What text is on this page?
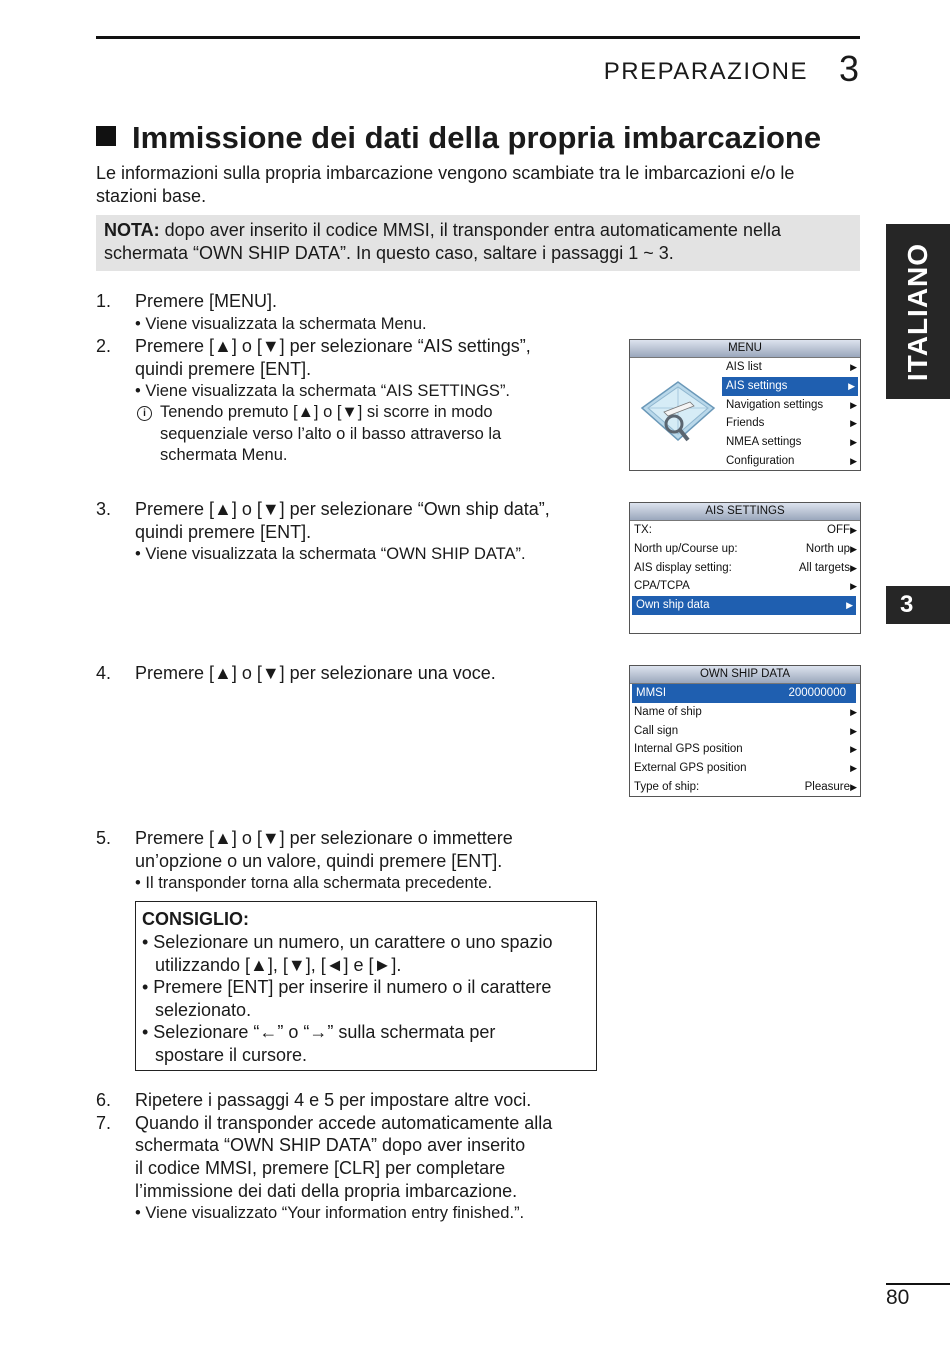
PREPARAZIONE 3
ITALIANO
3
Immissione dei dati della propria imbarcazione
Le informazioni sulla propria imbarcazione vengono scambiate tra le imbarcazioni e/o le
stazioni base.
NOTA: dopo aver inserito il codice MMSI, il transponder entra automaticamente nella
schermata “OWN SHIP DATA”. In questo caso, saltare i passaggi 1 ~ 3.
1. Premere [MENU].
• Viene visualizzata la schermata Menu.
2. Premere [▲] o [▼] per selezionare “AIS settings”,
quindi premere [ENT].
• Viene visualizzata la schermata “AIS SETTINGS”.
i Tenendo premuto [▲] o [▼] si scorre in modo
sequenziale verso l’alto o il basso attraverso la
schermata Menu.
MENU
AIS list	▶
AIS settings	▶
Navigation settings	▶
Friends	▶
NMEA settings	▶
Configuration	▶
3. Premere [▲] o [▼] per selezionare “Own ship data”,
quindi premere [ENT].
• Viene visualizzata la schermata “OWN SHIP DATA”.
AIS SETTINGS
TX:	OFF ▶
North up/Course up:	North up ▶
AIS display setting:	All targets ▶
CPA/TCPA	▶
Own ship data	▶
4. Premere [▲] o [▼] per selezionare una voce.	OWN SHIP DATA
MMSI	200000000
Name of ship	▶
Call sign	▶
Internal GPS position	▶
External GPS position	▶
Type of ship:	Pleasure ▶
5. Premere [▲] o [▼] per selezionare o immettere
un’opzione o un valore, quindi premere [ENT].
• Il transponder torna alla schermata precedente.
CONSIGLIO:
• Selezionare un numero, un carattere o uno spazio
utilizzando [▲], [▼], [◄] e [►].
• Premere [ENT] per inserire il numero o il carattere
selezionato.
• Selezionare “←” o “→” sulla schermata per
spostare il cursore.
6. Ripetere i passaggi 4 e 5 per impostare altre voci.
7. Quando il transponder accede automaticamente alla
schermata “OWN SHIP DATA” dopo aver inserito
il codice MMSI, premere [CLR] per completare
l’immissione dei dati della propria imbarcazione.
• Viene visualizzato “Your information entry finished.”.
80
